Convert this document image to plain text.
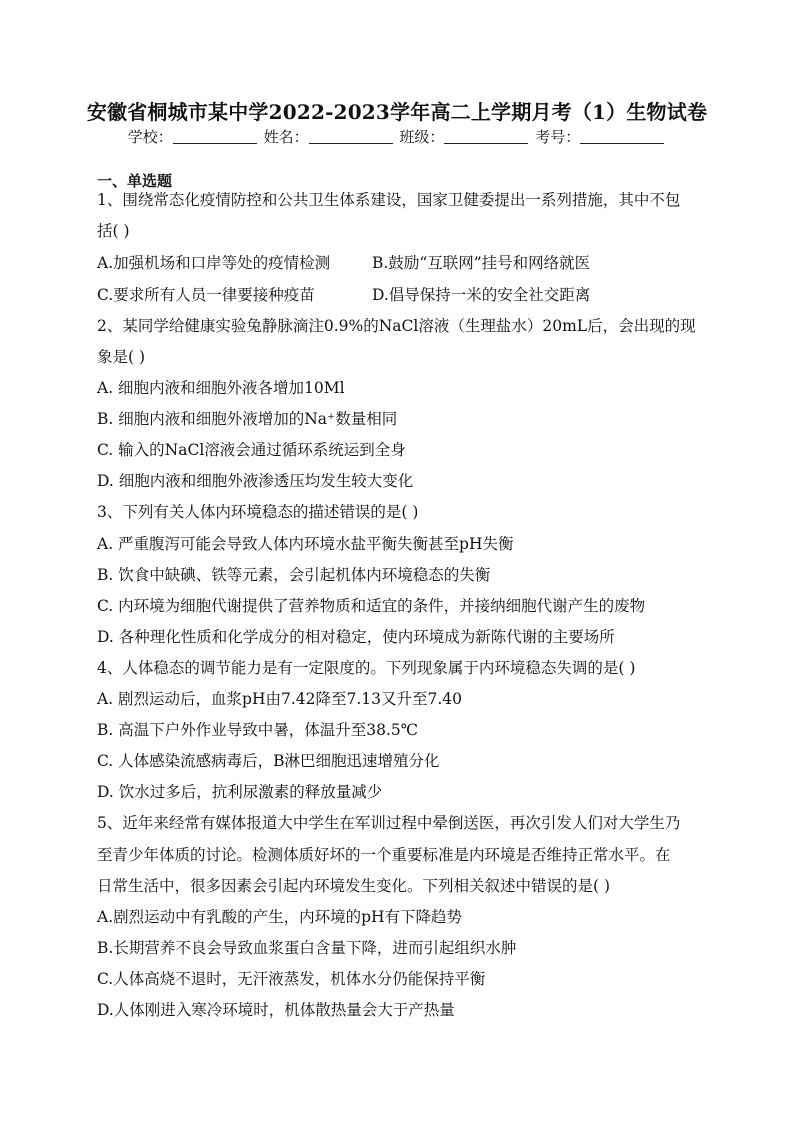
安徽省桐城市某中学2022-2023学年高二上学期月考（1）生物试卷
学校：	姓名：	班级：	考号：
一、单选题
1、围绕常态化疫情防控和公共卫生体系建设，国家卫健委提出一系列措施，其中不包
括( )
A.加强机场和口岸等处的疫情检测	B.鼓励“互联网”挂号和网络就医
C.要求所有人员一律要接种疫苗	D.倡导保持一米的安全社交距离
2、某同学给健康实验兔静脉滴注0.9%的NaCl溶液（生理盐水）20mL后，会出现的现
象是( )
A. 细胞内液和细胞外液各增加10Ml
B. 细胞内液和细胞外液增加的Na⁺数量相同
C. 输入的NaCl溶液会通过循环系统运到全身
D. 细胞内液和细胞外液渗透压均发生较大变化
3、下列有关人体内环境稳态的描述错误的是( )
A. 严重腹泻可能会导致人体内环境水盐平衡失衡甚至pH失衡
B. 饮食中缺碘、铁等元素，会引起机体内环境稳态的失衡
C. 内环境为细胞代谢提供了营养物质和适宜的条件，并接纳细胞代谢产生的废物
D. 各种理化性质和化学成分的相对稳定，使内环境成为新陈代谢的主要场所
4、人体稳态的调节能力是有一定限度的。下列现象属于内环境稳态失调的是( )
A. 剧烈运动后，血浆pH由7.42降至7.13又升至7.40
B. 高温下户外作业导致中暑，体温升至38.5℃
C. 人体感染流感病毒后，B淋巴细胞迅速增殖分化
D. 饮水过多后，抗利尿激素的释放量减少
5、近年来经常有媒体报道大中学生在军训过程中晕倒送医，再次引发人们对大学生乃
至青少年体质的讨论。检测体质好坏的一个重要标准是内环境是否维持正常水平。在
日常生活中，很多因素会引起内环境发生变化。下列相关叙述中错误的是( )
A.剧烈运动中有乳酸的产生，内环境的pH有下降趋势
B.长期营养不良会导致血浆蛋白含量下降，进而引起组织水肿
C.人体高烧不退时，无汗液蒸发，机体水分仍能保持平衡
D.人体刚进入寒冷环境时，机体散热量会大于产热量
